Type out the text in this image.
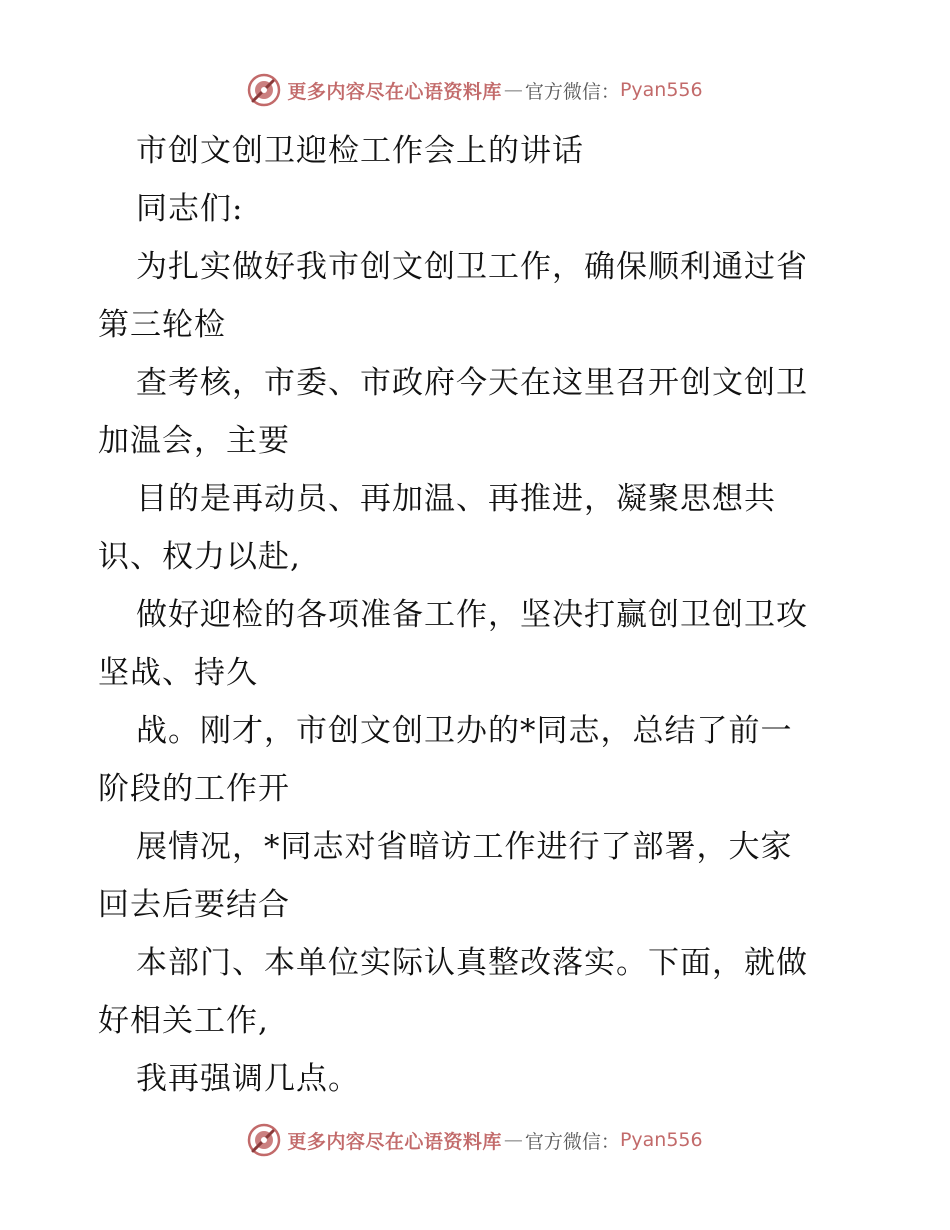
更多内容尽在心语资料库 — 官方微信： Pyan556
市创文创卫迎检工作会上的讲话
同志们:
为扎实做好我市创文创卫工作，确保顺利通过省
第三轮检
查考核，市委、市政府今天在这里召开创文创卫
加温会，主要
目的是再动员、再加温、再推进，凝聚思想共
识、权力以赴,
做好迎检的各项准备工作，坚决打赢创卫创卫攻
坚战、持久
战。刚才，市创文创卫办的*同志，总结了前一
阶段的工作开
展情况，*同志对省暗访工作进行了部署，大家
回去后要结合
本部门、本单位实际认真整改落实。下面，就做
好相关工作,
我再强调几点。
更多内容尽在心语资料库 — 官方微信： Pyan556
